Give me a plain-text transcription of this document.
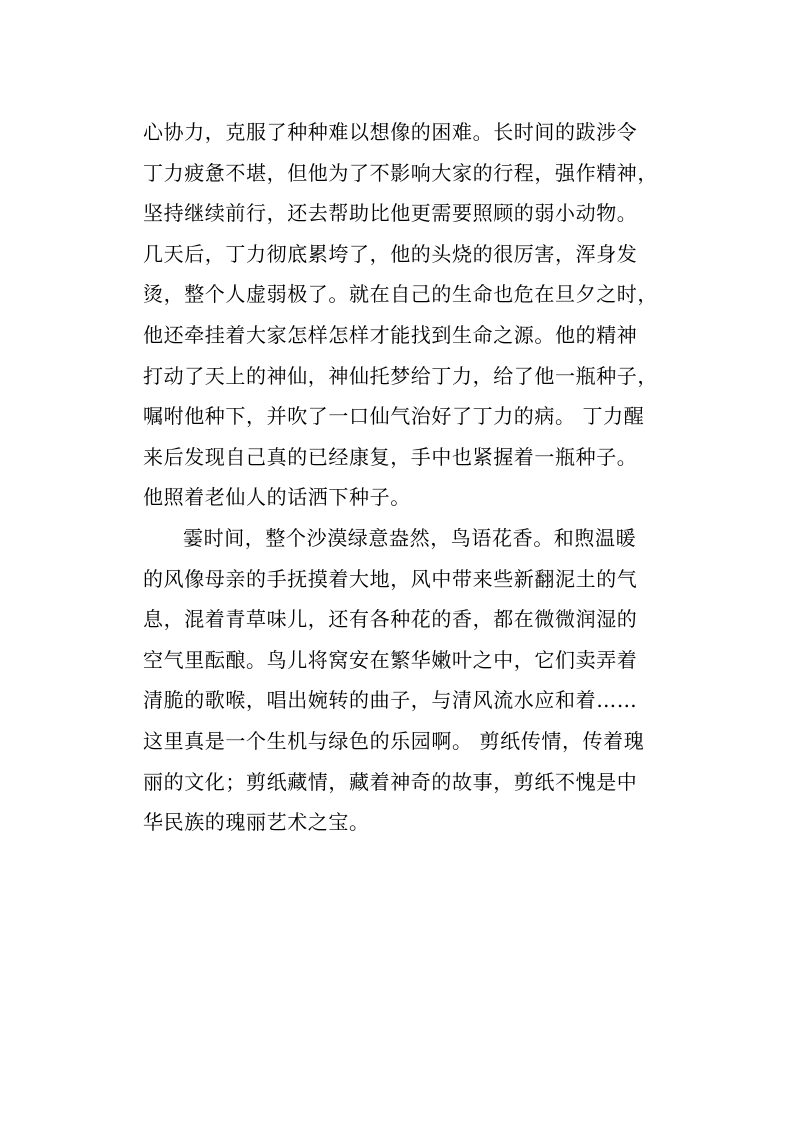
心协力，克服了种种难以想像的困难。长时间的跋涉令
丁力疲惫不堪，但他为了不影响大家的行程，强作精神，
坚持继续前行，还去帮助比他更需要照顾的弱小动物。
几天后，丁力彻底累垮了，他的头烧的很厉害，浑身发
烫，整个人虚弱极了。就在自己的生命也危在旦夕之时，
他还牵挂着大家怎样怎样才能找到生命之源。他的精神
打动了天上的神仙，神仙托梦给丁力，给了他一瓶种子，
嘱咐他种下，并吹了一口仙气治好了丁力的病。 丁力醒
来后发现自己真的已经康复，手中也紧握着一瓶种子。
他照着老仙人的话洒下种子。
霎时间，整个沙漠绿意盎然，鸟语花香。和煦温暖
的风像母亲的手抚摸着大地，风中带来些新翻泥土的气
息，混着青草味儿，还有各种花的香，都在微微润湿的
空气里酝酿。鸟儿将窝安在繁华嫩叶之中，它们卖弄着
清脆的歌喉，唱出婉转的曲子，与清风流水应和着……
这里真是一个生机与绿色的乐园啊。 剪纸传情，传着瑰
丽的文化；剪纸藏情，藏着神奇的故事，剪纸不愧是中
华民族的瑰丽艺术之宝。
